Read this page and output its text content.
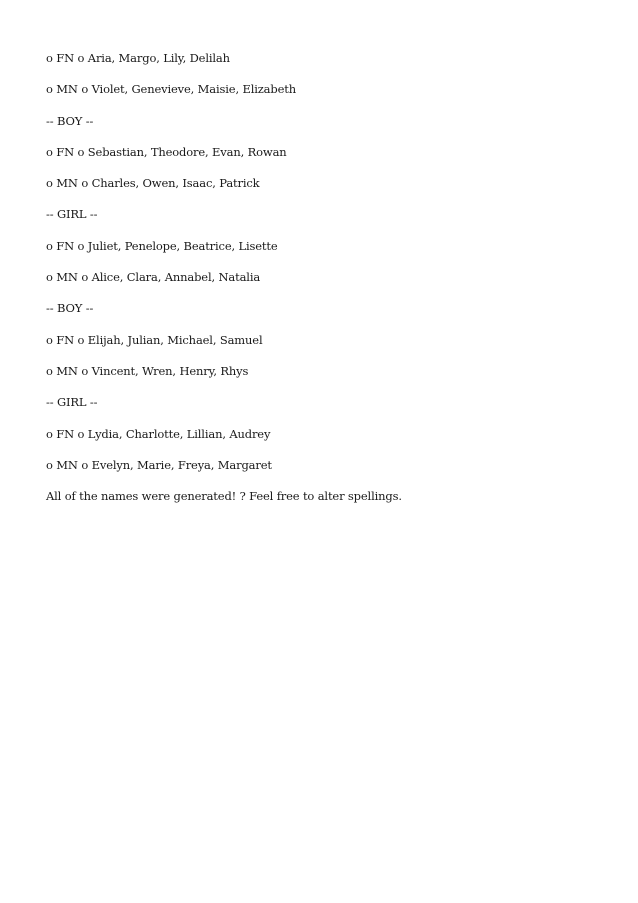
o FN o Aria, Margo, Lily, Delilah

o MN o Violet, Genevieve, Maisie, Elizabeth

-- BOY --

o FN o Sebastian, Theodore, Evan, Rowan

o MN o Charles, Owen, Isaac, Patrick

-- GIRL --

o FN o Juliet, Penelope, Beatrice, Lisette

o MN o Alice, Clara, Annabel, Natalia

-- BOY --

o FN o Elijah, Julian, Michael, Samuel

o MN o Vincent, Wren, Henry, Rhys

-- GIRL --

o FN o Lydia, Charlotte, Lillian, Audrey

o MN o Evelyn, Marie, Freya, Margaret

All of the names were generated! ? Feel free to alter spellings.
